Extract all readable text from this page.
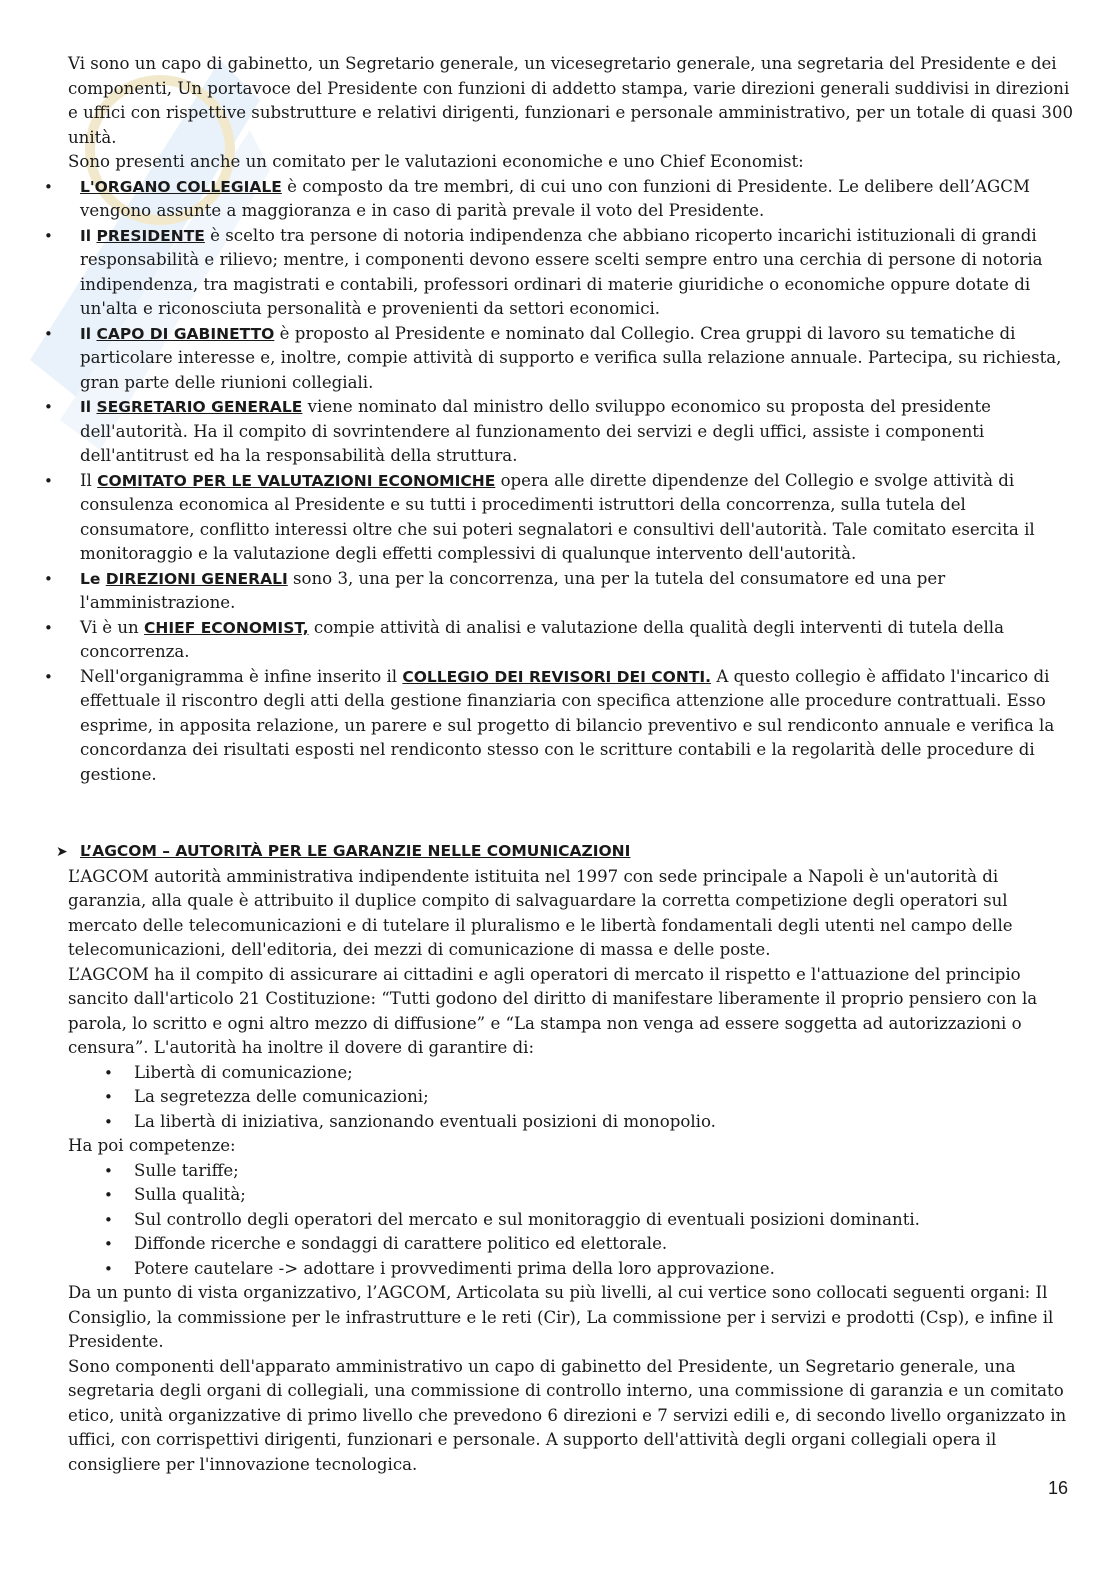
Vi sono un capo di gabinetto, un Segretario generale, un vicesegretario generale, una segretaria del Presidente e dei componenti, Un portavoce del Presidente con funzioni di addetto stampa, varie direzioni generali suddivisi in direzioni e uffici con rispettive substrutture e relativi dirigenti, funzionari e personale amministrativo, per un totale di quasi 300 unità.

Sono presenti anche un comitato per le valutazioni economiche e uno Chief Economist:

• L'ORGANO COLLEGIALE è composto da tre membri, di cui uno con funzioni di Presidente. Le delibere dell’AGCM vengono assunte a maggioranza e in caso di parità prevale il voto del Presidente.
• Il PRESIDENTE è scelto tra persone di notoria indipendenza che abbiano ricoperto incarichi istituzionali di grandi responsabilità e rilievo; mentre, i componenti devono essere scelti sempre entro una cerchia di persone di notoria indipendenza, tra magistrati e contabili, professori ordinari di materie giuridiche o economiche oppure dotate di un'alta e riconosciuta personalità e provenienti da settori economici.
• Il CAPO DI GABINETTO è proposto al Presidente e nominato dal Collegio. Crea gruppi di lavoro su tematiche di particolare interesse e, inoltre, compie attività di supporto e verifica sulla relazione annuale. Partecipa, su richiesta, gran parte delle riunioni collegiali.
• Il SEGRETARIO GENERALE viene nominato dal ministro dello sviluppo economico su proposta del presidente dell'autorità. Ha il compito di sovrintendere al funzionamento dei servizi e degli uffici, assiste i componenti dell'antitrust ed ha la responsabilità della struttura.
• Il COMITATO PER LE VALUTAZIONI ECONOMICHE opera alle dirette dipendenze del Collegio e svolge attività di consulenza economica al Presidente e su tutti i procedimenti istruttori della concorrenza, sulla tutela del consumatore, conflitto interessi oltre che sui poteri segnalatori e consultivi dell'autorità. Tale comitato esercita il monitoraggio e la valutazione degli effetti complessivi di qualunque intervento dell'autorità.
• Le DIREZIONI GENERALI sono 3, una per la concorrenza, una per la tutela del consumatore ed una per l'amministrazione.
• Vi è un CHIEF ECONOMIST, compie attività di analisi e valutazione della qualità degli interventi di tutela della concorrenza.
• Nell'organigramma è infine inserito il COLLEGIO DEI REVISORI DEI CONTI. A questo collegio è affidato l'incarico di effettuale il riscontro degli atti della gestione finanziaria con specifica attenzione alle procedure contrattuali. Esso esprime, in apposita relazione, un parere e sul progetto di bilancio preventivo e sul rendiconto annuale e verifica la concordanza dei risultati esposti nel rendiconto stesso con le scritture contabili e la regolarità delle procedure di gestione.
➤ L’AGCOM – AUTORITÀ PER LE GARANZIE NELLE COMUNICAZIONI

L’AGCOM autorità amministrativa indipendente istituita nel 1997 con sede principale a Napoli è un'autorità di garanzia, alla quale è attribuito il duplice compito di salvaguardare la corretta competizione degli operatori sul mercato delle telecomunicazioni e di tutelare il pluralismo e le libertà fondamentali degli utenti nel campo delle telecomunicazioni, dell'editoria, dei mezzi di comunicazione di massa e delle poste.

L’AGCOM ha il compito di assicurare ai cittadini e agli operatori di mercato il rispetto e l'attuazione del principio sancito dall'articolo 21 Costituzione: “Tutti godono del diritto di manifestare liberamente il proprio pensiero con la parola, lo scritto e ogni altro mezzo di diffusione” e “La stampa non venga ad essere soggetta ad autorizzazioni o censura”. L'autorità ha inoltre il dovere di garantire di:

• Libertà di comunicazione;
• La segretezza delle comunicazioni;
• La libertà di iniziativa, sanzionando eventuali posizioni di monopolio.

Ha poi competenze:

• Sulle tariffe;
• Sulla qualità;
• Sul controllo degli operatori del mercato e sul monitoraggio di eventuali posizioni dominanti.
• Diffonde ricerche e sondaggi di carattere politico ed elettorale.
• Potere cautelare -> adottare i provvedimenti prima della loro approvazione.

Da un punto di vista organizzativo, l’AGCOM, Articolata su più livelli, al cui vertice sono collocati seguenti organi: Il Consiglio, la commissione per le infrastrutture e le reti (Cir), La commissione per i servizi e prodotti (Csp), e infine il Presidente.

Sono componenti dell'apparato amministrativo un capo di gabinetto del Presidente, un Segretario generale, una segretaria degli organi di collegiali, una commissione di controllo interno, una commissione di garanzia e un comitato etico, unità organizzative di primo livello che prevedono 6 direzioni e 7 servizi edili e, di secondo livello organizzato in uffici, con corrispettivi dirigenti, funzionari e personale. A supporto dell'attività degli organi collegiali opera il consigliere per l'innovazione tecnologica.

16
